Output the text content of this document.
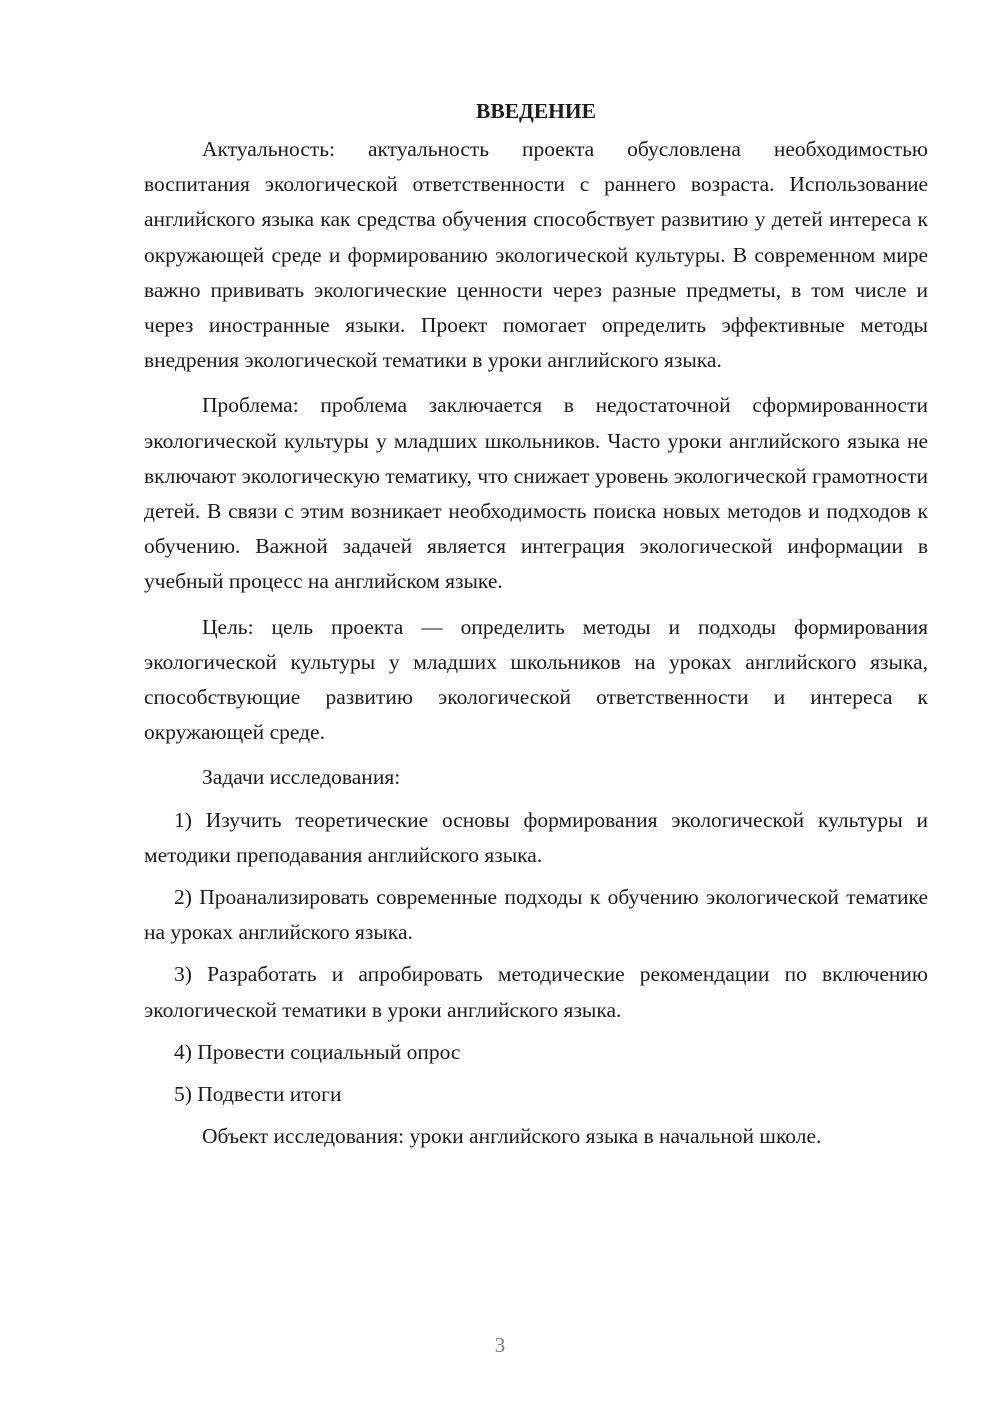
ВВЕДЕНИЕ

Актуальность: актуальность проекта обусловлена необходимостью воспитания экологической ответственности с раннего возраста. Использование английского языка как средства обучения способствует развитию у детей интереса к окружающей среде и формированию экологической культуры. В современном мире важно прививать экологические ценности через разные предметы, в том числе и через иностранные языки. Проект помогает определить эффективные методы внедрения экологической тематики в уроки английского языка.

Проблема: проблема заключается в недостаточной сформированности экологической культуры у младших школьников. Часто уроки английского языка не включают экологическую тематику, что снижает уровень экологической грамотности детей. В связи с этим возникает необходимость поиска новых методов и подходов к обучению. Важной задачей является интеграция экологической информации в учебный процесс на английском языке.

Цель: цель проекта — определить методы и подходы формирования экологической культуры у младших школьников на уроках английского языка, способствующие развитию экологической ответственности и интереса к окружающей среде.

Задачи исследования:

1) Изучить теоретические основы формирования экологической культуры и методики преподавания английского языка.

2) Проанализировать современные подходы к обучению экологической тематике на уроках английского языка.

3) Разработать и апробировать методические рекомендации по включению экологической тематики в уроки английского языка.

4) Провести социальный опрос

5) Подвести итоги

Объект исследования: уроки английского языка в начальной школе.

3
